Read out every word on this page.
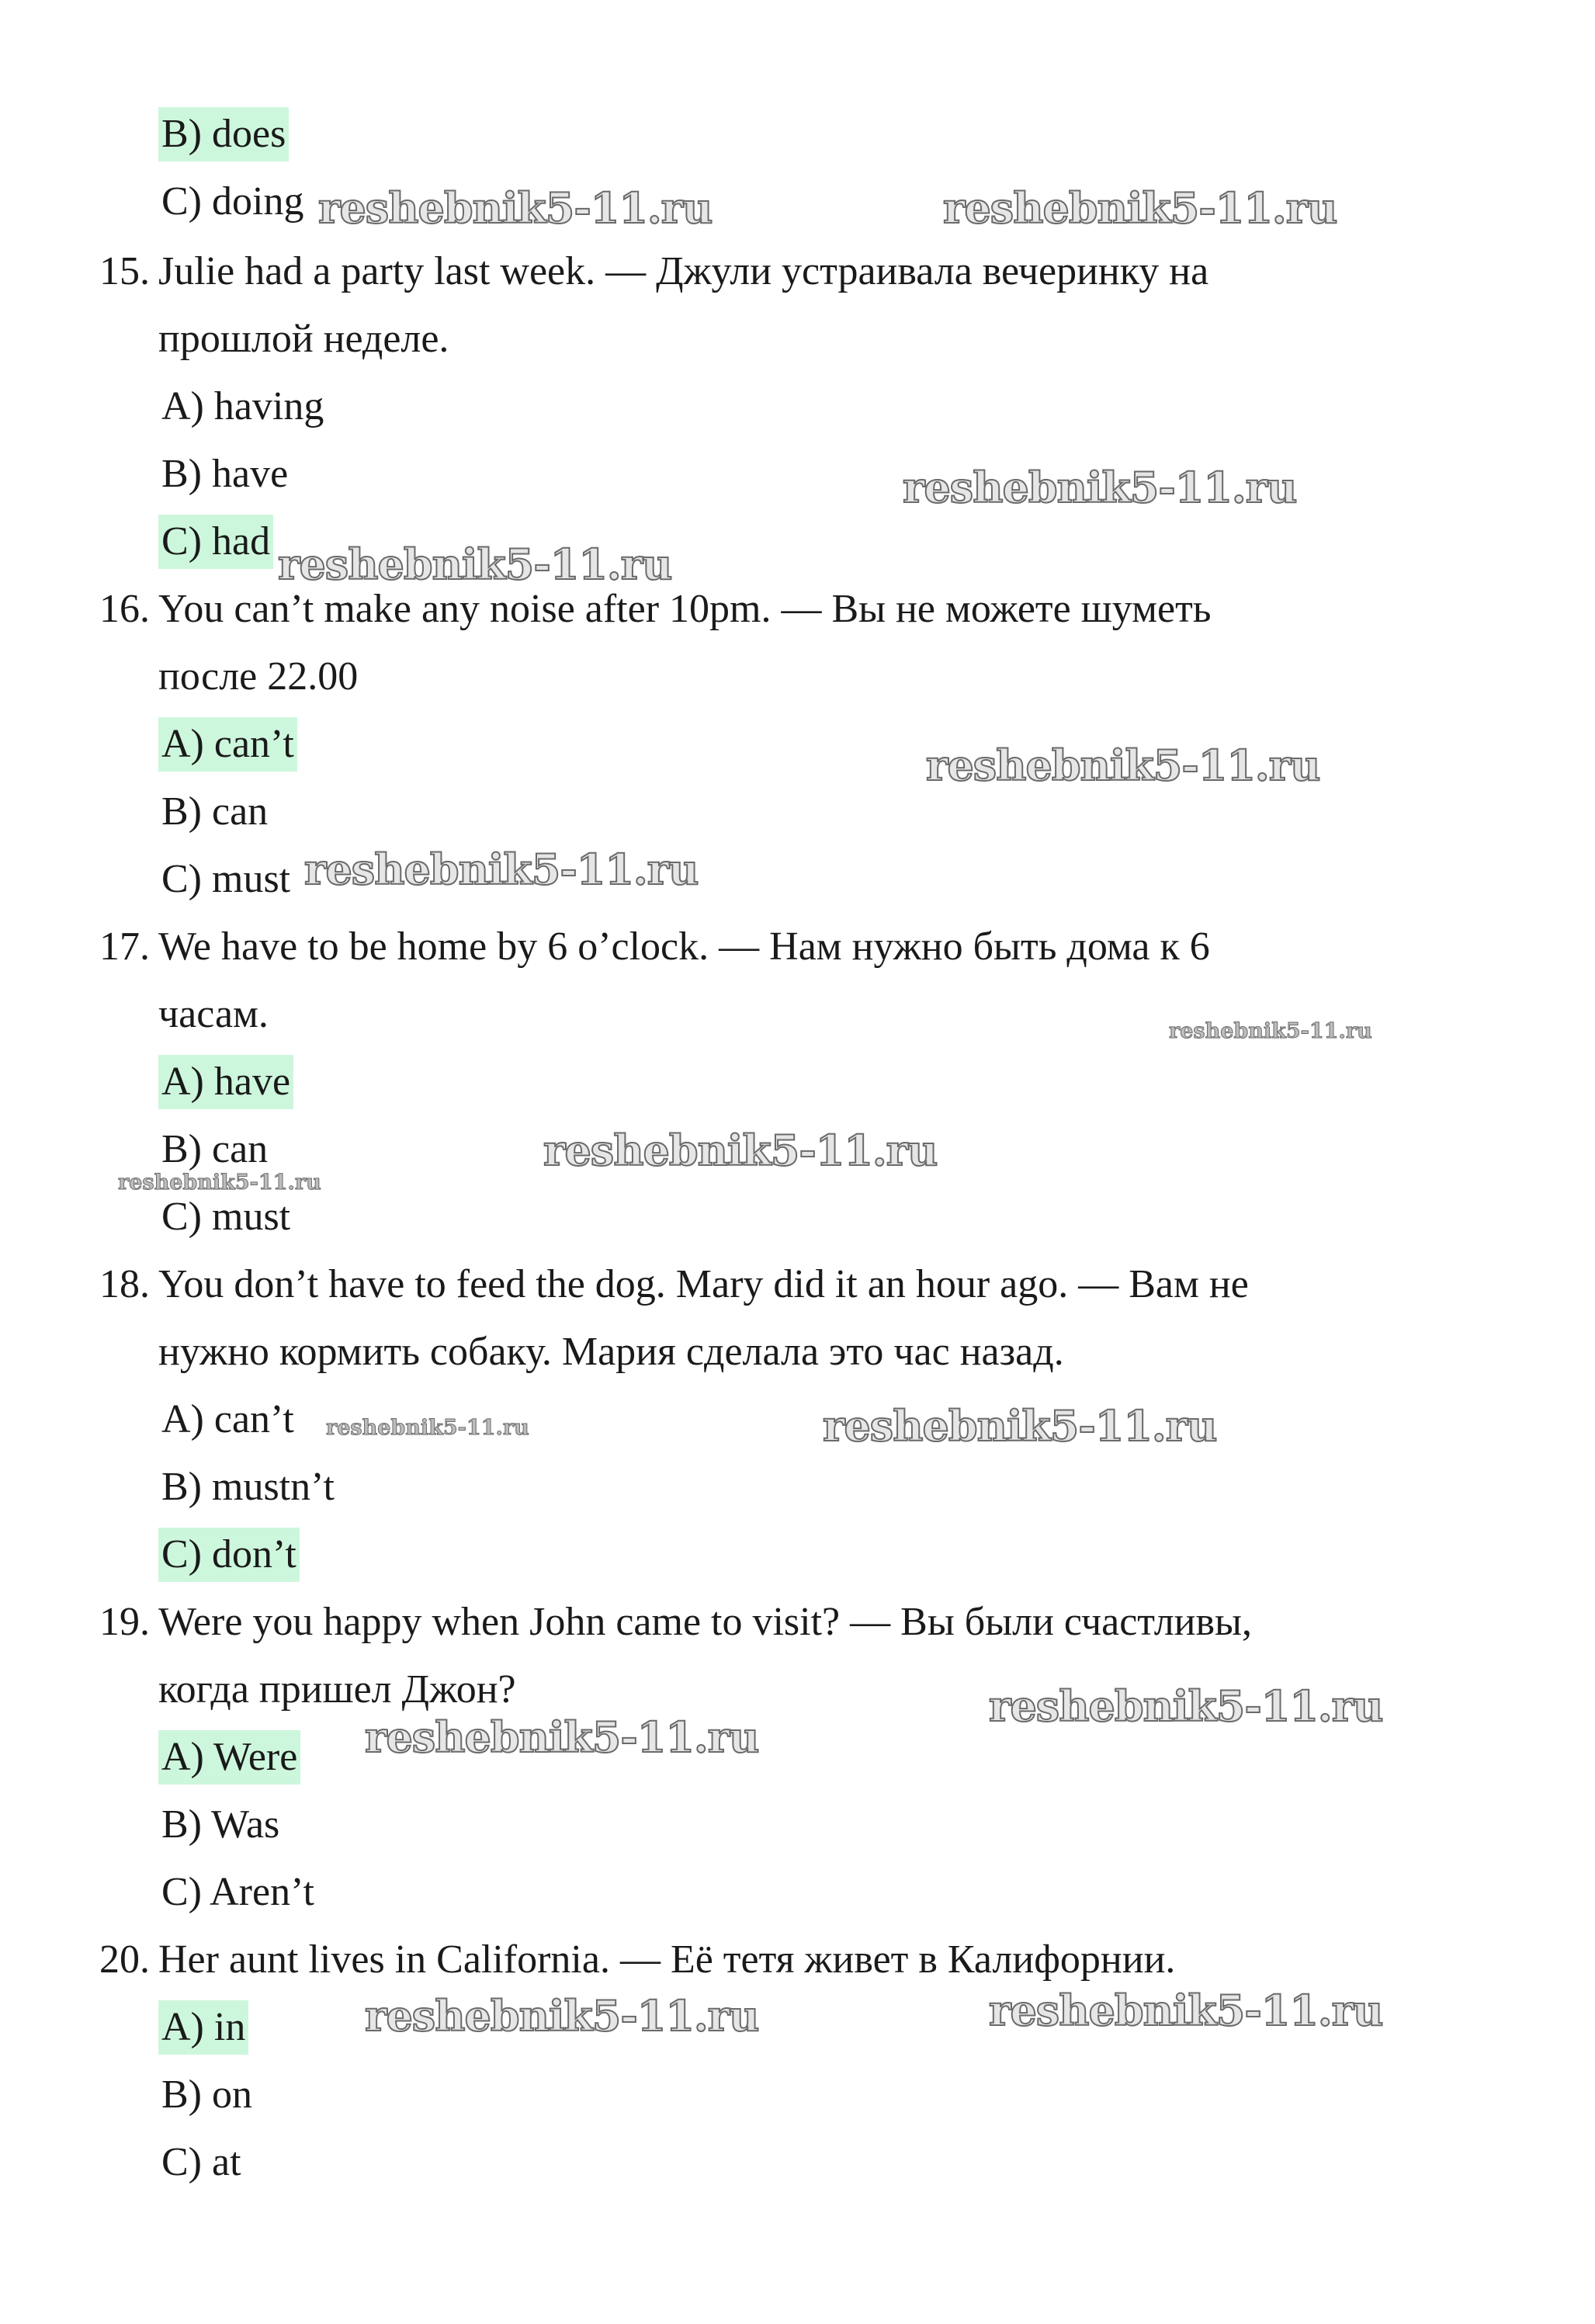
B) does
C) doing
15. Julie had a party last week. — Джули устраивала вечеринку на
прошлой неделе.
A) having
B) have
C) had
16. You can’t make any noise after 10pm. — Вы не можете шуметь
после 22.00
A) can’t
B) can
C) must
17. We have to be home by 6 o’clock. — Нам нужно быть дома к 6
часам.
A) have
B) can
C) must
18. You don’t have to feed the dog. Mary did it an hour ago. — Вам не
нужно кормить собаку. Мария сделала это час назад.
A) can’t
B) mustn’t
C) don’t
19. Were you happy when John came to visit? — Вы были счастливы,
когда пришел Джон?
A) Were
B) Was
C) Aren’t
20. Her aunt lives in California. — Её тетя живет в Калифорнии.
A) in
B) on
C) at
reshebnik5-11.ru	reshebnik5-11.ru
reshebnik5-11.ru
reshebnik5-11.ru
reshebnik5-11.ru
reshebnik5-11.ru
reshebnik5-11.ru
reshebnik5-11.ru
reshebnik5-11.ru
reshebnik5-11.ru	reshebnik5-11.ru
reshebnik5-11.ru
reshebnik5-11.ru
reshebnik5-11.ru	reshebnik5-11.ru
